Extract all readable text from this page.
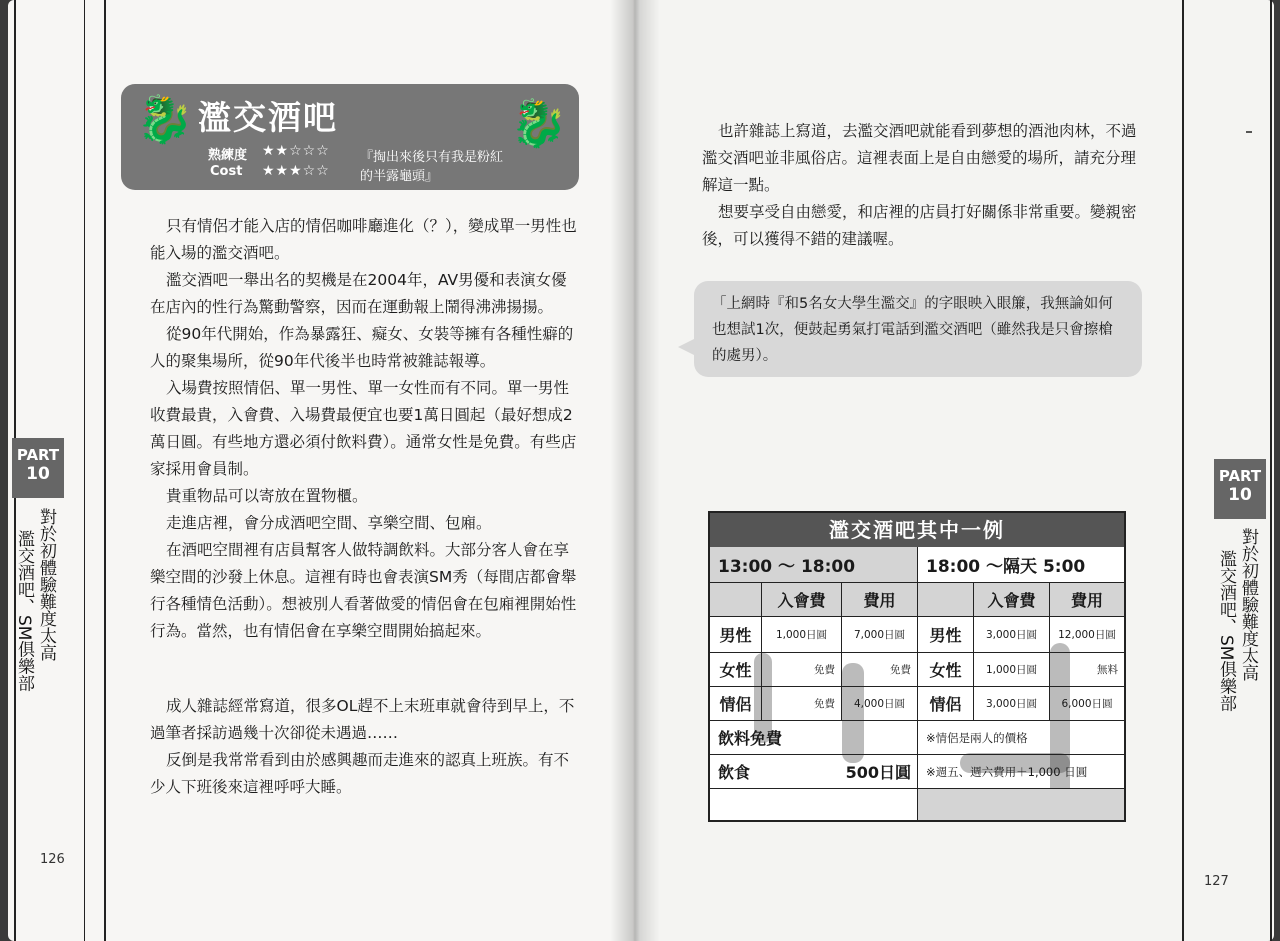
🐉	🐉
濫交酒吧
熟練度 ★★☆☆☆
Cost ★★★☆☆
『掏出來後只有我是粉紅的半露龜頭』

只有情侶才能入店的情侶咖啡廳進化（？），變成單一男性也能入場的濫交酒吧。

濫交酒吧一舉出名的契機是在2004年，AV男優和表演女優在店內的性行為驚動警察，因而在運動報上鬧得沸沸揚揚。

從90年代開始，作為暴露狂、癡女、女裝等擁有各種性癖的人的聚集場所，從90年代後半也時常被雜誌報導。

入場費按照情侶、單一男性、單一女性而有不同。單一男性收費最貴，入會費、入場費最便宜也要1萬日圓起（最好想成2萬日圓。有些地方還必須付飲料費）。通常女性是免費。有些店家採用會員制。

貴重物品可以寄放在置物櫃。

走進店裡，會分成酒吧空間、享樂空間、包廂。

在酒吧空間裡有店員幫客人做特調飲料。大部分客人會在享樂空間的沙發上休息。這裡有時也會表演SM秀（每間店都會舉行各種情色活動）。想被別人看著做愛的情侶會在包廂裡開始性行為。當然，也有情侶會在享樂空間開始搞起來。

成人雜誌經常寫道，很多OL趕不上末班車就會待到早上，不過筆者採訪過幾十次卻從未遇過……

反倒是我常常看到由於感興趣而走進來的認真上班族。有不少人下班後來這裡呼呼大睡。

PART
10
對於初體驗難度太高
濫交酒吧、SM俱樂部
126

也許雜誌上寫道，去濫交酒吧就能看到夢想的酒池肉林，不過濫交酒吧並非風俗店。這裡表面上是自由戀愛的場所，請充分理解這一點。

想要享受自由戀愛，和店裡的店員打好關係非常重要。變親密後，可以獲得不錯的建議喔。

「上網時『和5名女大學生濫交』的字眼映入眼簾，我無論如何也想試1次，便鼓起勇氣打電話到濫交酒吧（雖然我是只會擦槍的處男）。
濫交酒吧其中一例
13:00 ～ 18:00	18:00 ～隔天 5:00
入會費	費用	入會費	費用
男性	1,000日圓	7,000日圓	男性	3,000日圓	12,000日圓
女性	免費	免費	女性	1,000日圓	無料
情侶	免費	4,000日圓	情侶	3,000日圓	6,000日圓
飲料免費	※情侶是兩人的價格
飲食	500日圓	※週五、週六費用＋1,000 日圓
PART
10
對於初體驗難度太高
濫交酒吧、SM俱樂部
127
